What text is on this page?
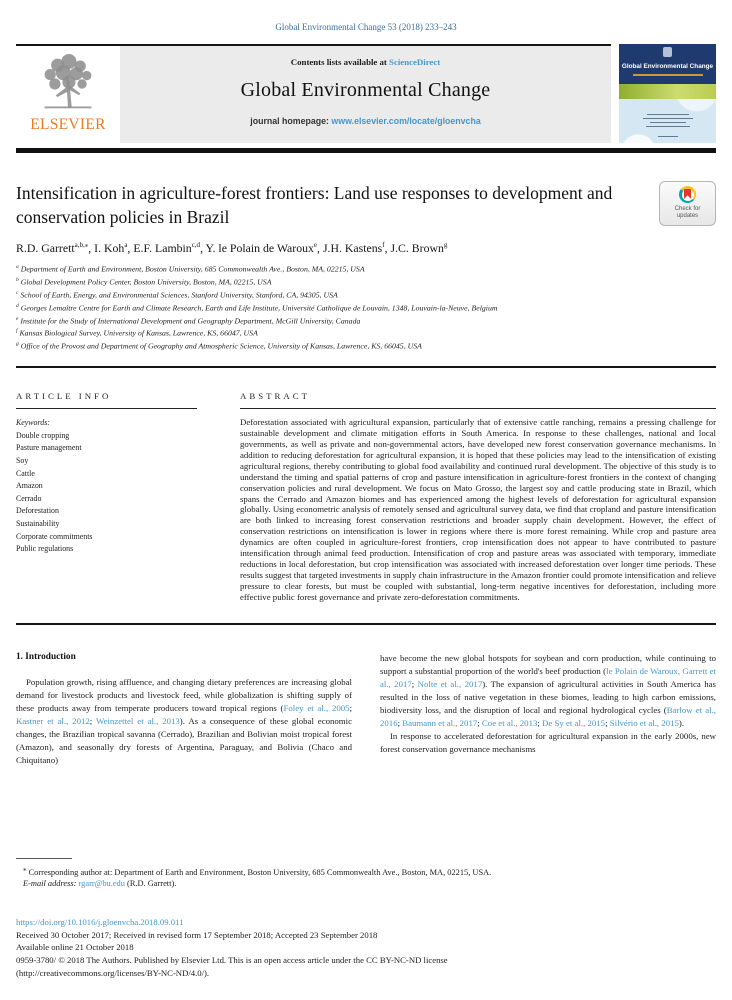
Global Environmental Change 53 (2018) 233–243
ELSEVIER
Contents lists available at ScienceDirect
Global Environmental Change
journal homepage: www.elsevier.com/locate/gloenvcha
Global Environmental Change
Intensification in agriculture-forest frontiers: Land use responses to development and conservation policies in Brazil	Check for
updates
R.D. Garrett$^{a,b,⁎}$, I. Koh$^a$, E.F. Lambin$^{c,d}$, Y. le Polain de Waroux$^e$, J.H. Kastens$^f$, J.C. Brown$^g$
$^a$ Department of Earth and Environment, Boston University, 685 Commonwealth Ave., Boston, MA, 02215, USA
$^b$ Global Development Policy Center, Boston University, Boston, MA, 02215, USA
$^c$ School of Earth, Energy, and Environmental Sciences, Stanford University, Stanford, CA, 94305, USA
$^d$ Georges Lemaître Centre for Earth and Climate Research, Earth and Life Institute, Université Catholique de Louvain, 1348, Louvain-la-Neuve, Belgium
$^e$ Institute for the Study of International Development and Geography Department, McGill University, Canada
$^f$ Kansas Biological Survey, University of Kansas, Lawrence, KS, 66047, USA
$^g$ Office of the Provost and Department of Geography and Atmospheric Science, University of Kansas, Lawrence, KS, 66045, USA
ARTICLE INFO
Keywords:
Double cropping
Pasture management
Soy
Cattle
Amazon
Cerrado
Deforestation
Sustainability
Corporate commitments
Public regulations
ABSTRACT
Deforestation associated with agricultural expansion, particularly that of extensive cattle ranching, remains a pressing challenge for sustainable development and climate mitigation efforts in South America. In response to these challenges, national and local governments, as well as private and non-governmental actors, have developed new forest conservation governance mechanisms. In addition to reducing deforestation for agricultural expansion, it is hoped that these policies may lead to the intensification of existing agricultural regions, thereby contributing to global food availability and continued rural development. The objective of this study is to understand the timing and spatial patterns of crop and pasture intensification in agriculture-forest frontiers in the context of changing conservation policies and rural development. We focus on Mato Grosso, the largest soy and cattle producing state in Brazil, which spans the Cerrado and Amazon biomes and has experienced among the highest levels of deforestation for agricultural expansion globally. Using econometric analysis of remotely sensed and agricultural survey data, we find that cropland and pasture intensification are both linked to increasing forest conservation restrictions and broader supply chain development. However, the effect of conservation restrictions on intensification is lower in regions where there is more forest remaining. While crop and pasture area dynamics are often coupled in agriculture-forest frontiers, crop intensification does not appear to have contributed to pasture intensification through animal feed production. Intensification of crop and pasture areas was associated with temporary, immediate reductions in local deforestation, but crop intensification was associated with increased deforestation over longer time periods. These results suggest that targeted investments in supply chain infrastructure in the Amazon frontier could promote intensification and relieve pressure to clear forests, but must be coupled with substantial, long-term negative incentives for deforestation, including more effective public forest governance and private zero-deforestation commitments.
1. Introduction

Population growth, rising affluence, and changing dietary preferences are increasing global demand for livestock products and livestock feed, while globalization is shifting supply of these products away from temperate producers toward tropical regions (Foley et al., 2005; Kastner et al., 2012; Weinzettel et al., 2013). As a consequence of these global economic changes, the Brazilian tropical savanna (Cerrado), Brazilian and Bolivian moist tropical forest (Amazon), and seasonally dry forests of Argentina, Paraguay, and Bolivia (Chaco and Chiquitano)

have become the new global hotspots for soybean and corn production, while continuing to support a substantial proportion of the world's beef production (le Polain de Waroux, Garrett et al., 2017; Nolte et al., 2017). The expansion of agricultural activities in South America has resulted in the loss of native vegetation in these biomes, leading to high carbon emissions, biodiversity loss, and the disruption of local and regional hydrological cycles (Barlow et al., 2016; Baumann et al., 2017; Coe et al., 2013; De Sy et al., 2015; Silvério et al., 2015).

In response to accelerated deforestation for agricultural expansion in the early 2000s, new forest conservation governance mechanisms

⁎ Corresponding author at: Department of Earth and Environment, Boston University, 685 Commonwealth Ave., Boston, MA, 02215, USA.
E-mail address: rgarr@bu.edu (R.D. Garrett).
https://doi.org/10.1016/j.gloenvcha.2018.09.011
Received 30 October 2017; Received in revised form 17 September 2018; Accepted 23 September 2018
Available online 21 October 2018
0959-3780/ © 2018 The Authors. Published by Elsevier Ltd. This is an open access article under the CC BY-NC-ND license
(http://creativecommons.org/licenses/BY-NC-ND/4.0/).
